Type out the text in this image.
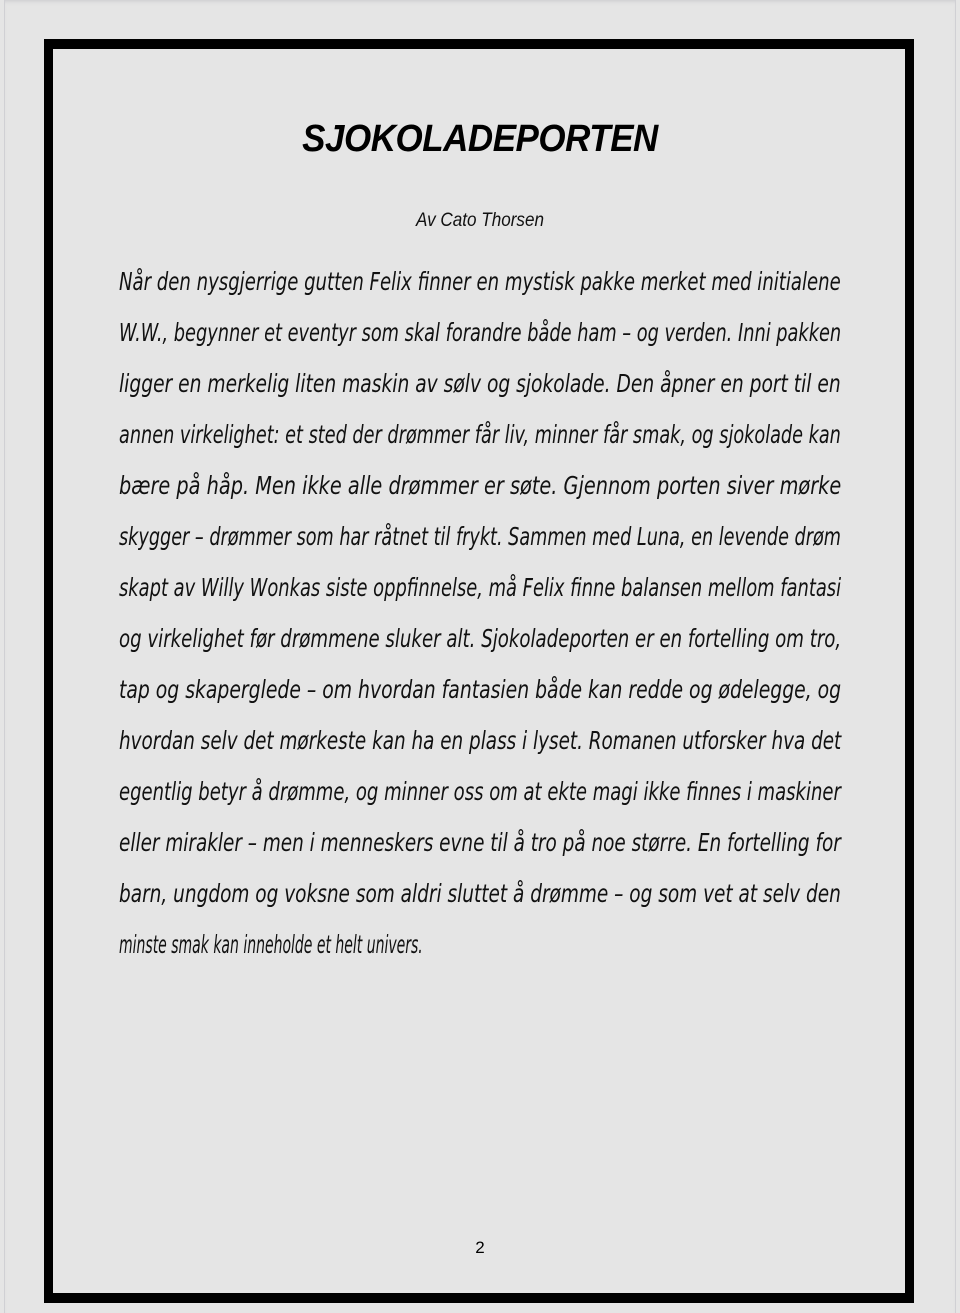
SJOKOLADEPORTEN
Av Cato Thorsen
Når den nysgjerrige gutten Felix finner en mystisk pakke merket med initialene
W.W., begynner et eventyr som skal forandre både ham – og verden. Inni pakken
ligger en merkelig liten maskin av sølv og sjokolade. Den åpner en port til en
annen virkelighet: et sted der drømmer får liv, minner får smak, og sjokolade kan
bære på håp. Men ikke alle drømmer er søte. Gjennom porten siver mørke
skygger – drømmer som har råtnet til frykt. Sammen med Luna, en levende drøm
skapt av Willy Wonkas siste oppfinnelse, må Felix finne balansen mellom fantasi
og virkelighet før drømmene sluker alt. Sjokoladeporten er en fortelling om tro,
tap og skaperglede – om hvordan fantasien både kan redde og ødelegge, og
hvordan selv det mørkeste kan ha en plass i lyset. Romanen utforsker hva det
egentlig betyr å drømme, og minner oss om at ekte magi ikke finnes i maskiner
eller mirakler – men i menneskers evne til å tro på noe større. En fortelling for
barn, ungdom og voksne som aldri sluttet å drømme – og som vet at selv den
minste smak kan inneholde et helt univers.
2
